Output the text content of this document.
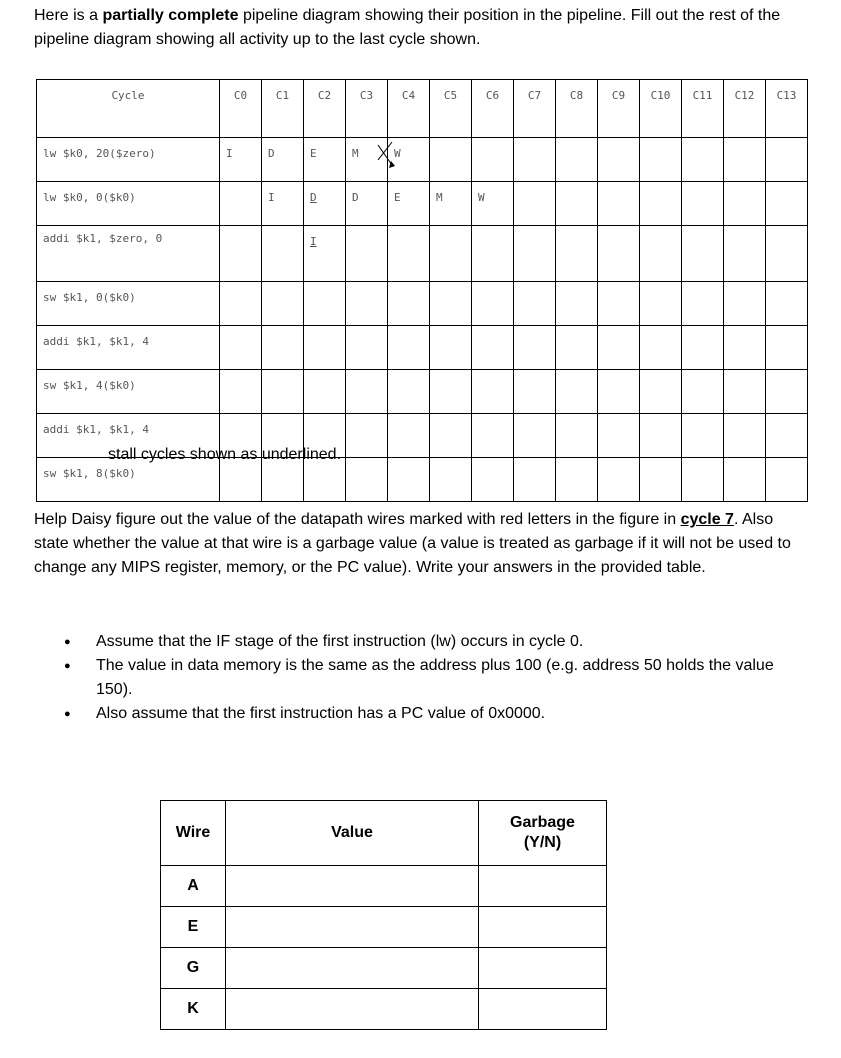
Here is a partially complete pipeline diagram showing their position in the pipeline. Fill out the rest of the pipeline diagram showing all activity up to the last cycle shown.
Cycle	C0	C1	C2	C3	C4	C5	C6	C7	C8	C9	C10	C11	C12	C13
lw $k0, 20($zero)	I	D	E	M	W									
lw $k0, 0($k0)		I	D	D	E	M	W							
addi $k1, $zero, 0			I											
sw $k1, 0($k0)														
addi $k1, $k1, 4														
sw $k1, 4($k0)														
addi $k1, $k1, 4														
sw $k1, 8($k0)														
stall cycles shown as underlined.
Help Daisy figure out the value of the datapath wires marked with red letters in the figure in cycle 7. Also state whether the value at that wire is a garbage value (a value is treated as garbage if it will not be used to change any MIPS register, memory, or the PC value). Write your answers in the provided table.
● Assume that the IF stage of the first instruction (lw) occurs in cycle 0.
● The value in data memory is the same as the address plus 100 (e.g. address 50 holds the value 150).
● Also assume that the first instruction has a PC value of 0x0000.
Wire	Value	Garbage (Y/N)
A		
E		
G		
K		
